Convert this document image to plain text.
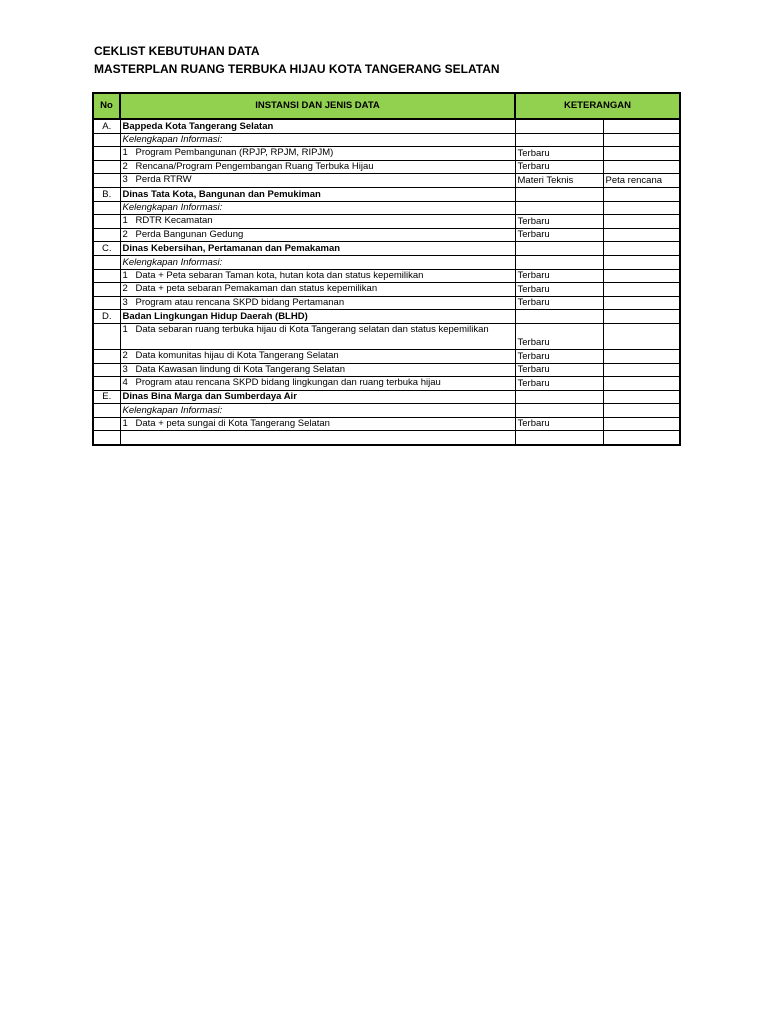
CEKLIST KEBUTUHAN DATA
MASTERPLAN RUANG TERBUKA HIJAU KOTA TANGERANG SELATAN
No	INSTANSI DAN JENIS DATA	KETERANGAN	
A.	Bappeda Kota Tangerang Selatan		
	Kelengkapan Informasi:		
	1 Program Pembangunan (RPJP, RPJM, RIPJM)	Terbaru	
	2 Rencana/Program Pengembangan Ruang Terbuka Hijau	Terbaru	
	3 Perda RTRW	Materi Teknis	Peta rencana
B.	Dinas Tata Kota, Bangunan dan Pemukiman		
	Kelengkapan Informasi:		
	1 RDTR Kecamatan	Terbaru	
	2 Perda Bangunan Gedung	Terbaru	
C.	Dinas Kebersihan, Pertamanan dan Pemakaman		
	Kelengkapan Informasi:		
	1 Data + Peta sebaran Taman kota, hutan kota dan status kepemilikan	Terbaru	
	2 Data + peta sebaran Pemakaman dan status kepemilikan	Terbaru	
	3 Program atau rencana SKPD bidang Pertamanan	Terbaru	
D.	Badan Lingkungan Hidup Daerah (BLHD)		
	1 Data sebaran ruang terbuka hijau di Kota Tangerang selatan dan status kepemilikan	Terbaru	
	2 Data komunitas hijau di Kota Tangerang Selatan	Terbaru	
	3 Data Kawasan lindung di Kota Tangerang Selatan	Terbaru	
	4 Program atau rencana SKPD bidang lingkungan dan ruang terbuka hijau	Terbaru	
E.	Dinas Bina Marga dan Sumberdaya Air		
	Kelengkapan Informasi:		
	1 Data + peta sungai di Kota Tangerang Selatan	Terbaru	
